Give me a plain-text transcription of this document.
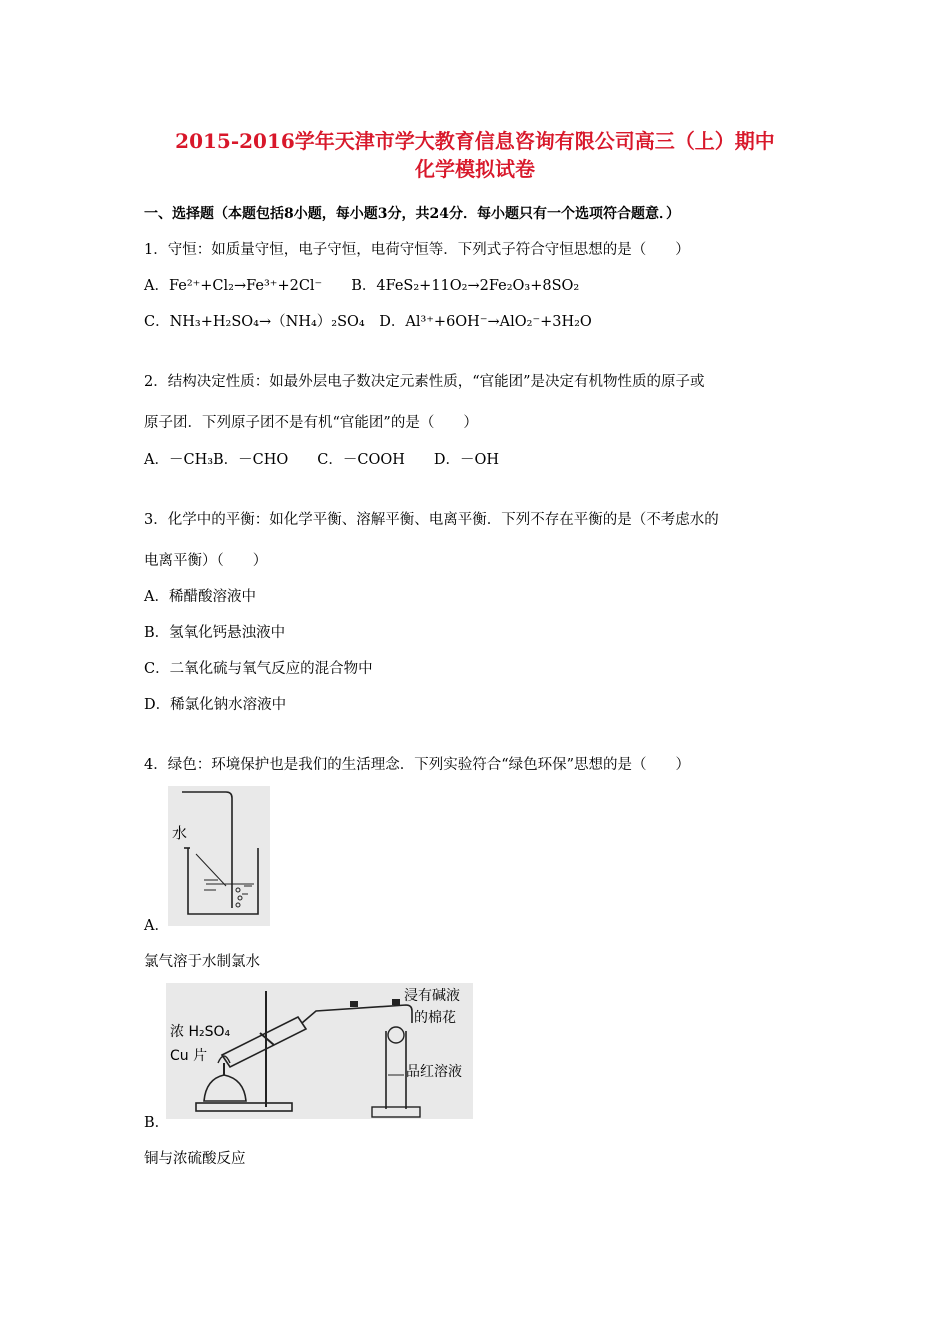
2015-2016学年天津市学大教育信息咨询有限公司高三（上）期中
化学模拟试卷
一、选择题（本题包括8小题，每小题3分，共24分．每小题只有一个选项符合题意．）
1．守恒：如质量守恒，电子守恒，电荷守恒等．下列式子符合守恒思想的是（　　）
A．Fe²⁺+Cl₂→Fe³⁺+2Cl⁻　　B．4FeS₂+11O₂→2Fe₂O₃+8SO₂
C．NH₃+H₂SO₄→（NH₄）₂SO₄　D．Al³⁺+6OH⁻→AlO₂⁻+3H₂O
2．结构决定性质：如最外层电子数决定元素性质，“官能团”是决定有机物性质的原子或
原子团．下列原子团不是有机“官能团”的是（　　）
A．－CH₃B．－CHO　　C．－COOH　　D．－OH
3．化学中的平衡：如化学平衡、溶解平衡、电离平衡．下列不存在平衡的是（不考虑水的
电离平衡）（　　）
A．稀醋酸溶液中
B．氢氧化钙悬浊液中
C．二氧化硫与氧气反应的混合物中
D．稀氯化钠水溶液中
4．绿色：环境保护也是我们的生活理念．下列实验符合“绿色环保”思想的是（　　）
水
A．
氯气溶于水制氯水
浓 H₂SO₄
Cu 片
浸有碱液
的棉花
品红溶液
B．
铜与浓硫酸反应
